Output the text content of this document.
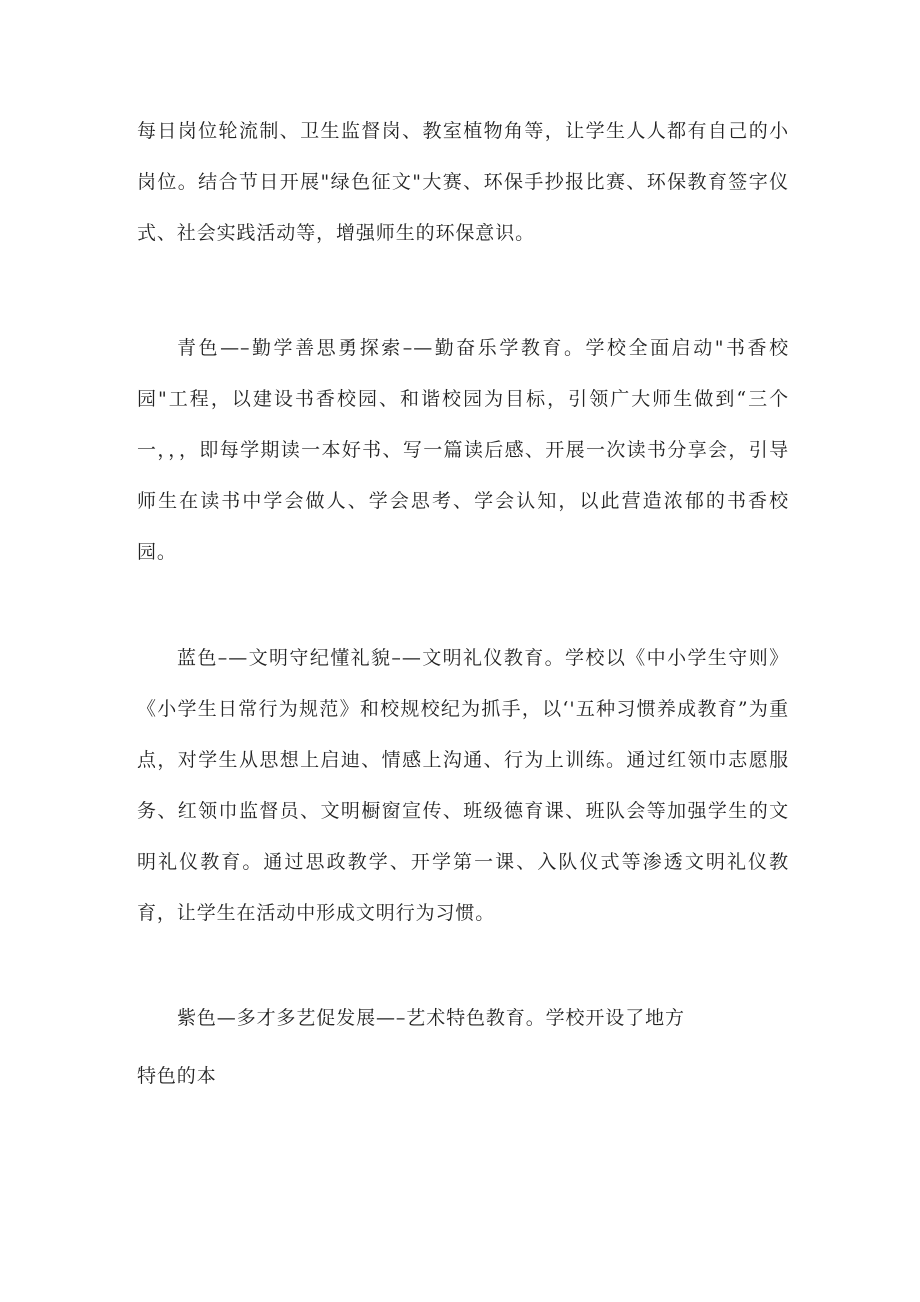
每日岗位轮流制、卫生监督岗、教室植物角等，让学生人人都有自己的小岗位。结合节日开展"绿色征文"大赛、环保手抄报比赛、环保教育签字仪式、社会实践活动等，增强师生的环保意识。

青色—–勤学善思勇探索–—勤奋乐学教育。学校全面启动"书香校园"工程，以建设书香校园、和谐校园为目标，引领广大师生做到“三个一，，，即每学期读一本好书、写一篇读后感、开展一次读书分享会，引导师生在读书中学会做人、学会思考、学会认知，以此营造浓郁的书香校园。

蓝色–—文明守纪懂礼貌–—文明礼仪教育。学校以《中小学生守则》《小学生日常行为规范》和校规校纪为抓手，以‘'五种习惯养成教育”为重点，对学生从思想上启迪、情感上沟通、行为上训练。通过红领巾志愿服务、红领巾监督员、文明橱窗宣传、班级德育课、班队会等加强学生的文明礼仪教育。通过思政教学、开学第一课、入队仪式等渗透文明礼仪教育，让学生在活动中形成文明行为习惯。

紫色—多才多艺促发展—–艺术特色教育。学校开设了地方

特色的本
